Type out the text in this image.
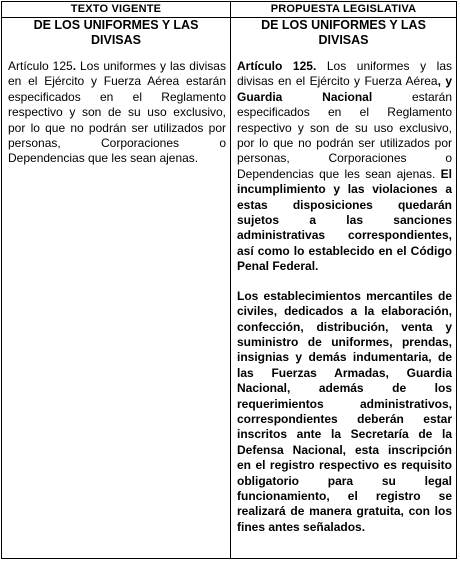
TEXTO VIGENTE
DE LOS UNIFORMES Y LAS DIVISAS

Artículo 125. Los uniformes y las divisas en el Ejército y Fuerza Aérea estarán especificados en el Reglamento respectivo y son de su uso exclusivo, por lo que no podrán ser utilizados por personas, Corporaciones o Dependencias que les sean ajenas.

PROPUESTA LEGISLATIVA
DE LOS UNIFORMES Y LAS DIVISAS

Artículo 125. Los uniformes y las divisas en el Ejército y Fuerza Aérea, y Guardia Nacional estarán especificados en el Reglamento respectivo y son de su uso exclusivo, por lo que no podrán ser utilizados por personas, Corporaciones o Dependencias que les sean ajenas. El incumplimiento y las violaciones a estas disposiciones quedarán sujetos a las sanciones administrativas correspondientes, así como lo establecido en el Código Penal Federal.

Los establecimientos mercantiles de civiles, dedicados a la elaboración, confección, distribución, venta y suministro de uniformes, prendas, insignias y demás indumentaria, de las Fuerzas Armadas, Guardia Nacional, además de los requerimientos administrativos, correspondientes deberán estar inscritos ante la Secretaría de la Defensa Nacional, esta inscripción en el registro respectivo es requisito obligatorio para su legal funcionamiento, el registro se realizará de manera gratuita, con los fines antes señalados.
